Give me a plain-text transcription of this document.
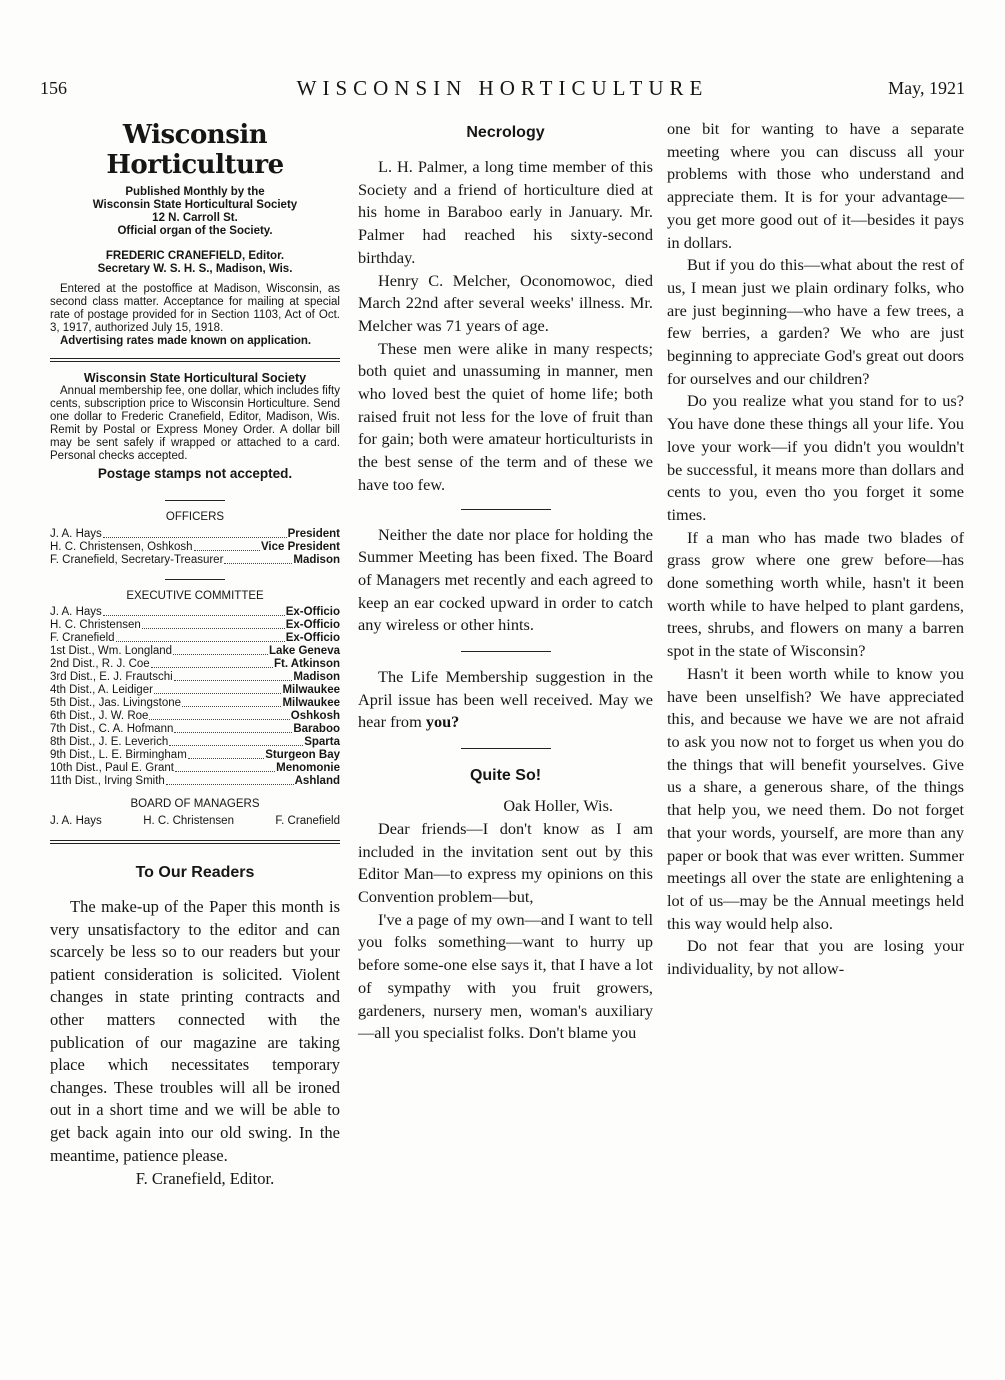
156	WISCONSIN HORTICULTURE	May, 1921
Wisconsin Horticulture
Published Monthly by the
Wisconsin State Horticultural Society
12 N. Carroll St.
Official organ of the Society.
FREDERIC CRANEFIELD, Editor.
Secretary W. S. H. S., Madison, Wis.
Entered at the postoffice at Madison, Wisconsin, as second class matter. Acceptance for mailing at special rate of postage provided for in Section 1103, Act of Oct. 3, 1917, authorized July 15, 1918.
Advertising rates made known on application.
Wisconsin State Horticultural Society
Annual membership fee, one dollar, which includes fifty cents, subscription price to Wisconsin Horticulture. Send one dollar to Frederic Cranefield, Editor, Madison, Wis. Remit by Postal or Express Money Order. A dollar bill may be sent safely if wrapped or attached to a card. Personal checks accepted.
Postage stamps not accepted.
OFFICERS
J. A. Hays	President
H. C. Christensen, Oshkosh	Vice President
F. Cranefield, Secretary-Treasurer	Madison
EXECUTIVE COMMITTEE
J. A. Hays	Ex-Officio
H. C. Christensen	Ex-Officio
F. Cranefield	Ex-Officio
1st Dist., Wm. Longland	Lake Geneva
2nd Dist., R. J. Coe	Ft. Atkinson
3rd Dist., E. J. Frautschi	Madison
4th Dist., A. Leidiger	Milwaukee
5th Dist., Jas. Livingstone	Milwaukee
6th Dist., J. W. Roe	Oshkosh
7th Dist., C. A. Hofmann	Baraboo
8th Dist., J. E. Leverich	Sparta
9th Dist., L. E. Birmingham	Sturgeon Bay
10th Dist., Paul E. Grant	Menomonie
11th Dist., Irving Smith	Ashland
BOARD OF MANAGERS
J. A. Hays	H. C. Christensen	F. Cranefield
To Our Readers

The make-up of the Paper this month is very unsatisfactory to the editor and can scarcely be less so to our readers but your patient consideration is solicited. Violent changes in state printing contracts and other matters connected with the publication of our magazine are taking place which necessitates temporary changes. These troubles will all be ironed out in a short time and we will be able to get back again into our old swing. In the meantime, patience please.

F. Cranefield, Editor.

Necrology

L. H. Palmer, a long time member of this Society and a friend of horticulture died at his home in Baraboo early in January. Mr. Palmer had reached his sixty-second birthday.

Henry C. Melcher, Oconomowoc, died March 22nd after several weeks' illness. Mr. Melcher was 71 years of age.

These men were alike in many respects; both quiet and unassuming in manner, men who loved best the quiet of home life; both raised fruit not less for the love of fruit than for gain; both were amateur horticulturists in the best sense of the term and of these we have too few.

Neither the date nor place for holding the Summer Meeting has been fixed. The Board of Managers met recently and each agreed to keep an ear cocked upward in order to catch any wireless or other hints.

The Life Membership suggestion in the April issue has been well received. May we hear from you?

Quite So!

Oak Holler, Wis.

Dear friends—I don't know as I am included in the invitation sent out by this Editor Man—to express my opinions on this Convention problem—but,

I've a page of my own—and I want to tell you folks something—want to hurry up before some-one else says it, that I have a lot of sympathy with you fruit growers, gardeners, nursery men, woman's auxiliary—all you specialist folks. Don't blame you

one bit for wanting to have a separate meeting where you can discuss all your problems with those who understand and appreciate them. It is for your advantage—you get more good out of it—besides it pays in dollars.

But if you do this—what about the rest of us, I mean just we plain ordinary folks, who are just beginning—who have a few trees, a few berries, a garden? We who are just beginning to appreciate God's great out doors for ourselves and our children?

Do you realize what you stand for to us? You have done these things all your life. You love your work—if you didn't you wouldn't be successful, it means more than dollars and cents to you, even tho you forget it some times.

If a man who has made two blades of grass grow where one grew before—has done something worth while, hasn't it been worth while to have helped to plant gardens, trees, shrubs, and flowers on many a barren spot in the state of Wisconsin?

Hasn't it been worth while to know you have been unselfish? We have appreciated this, and because we have we are not afraid to ask you now not to forget us when you do the things that will benefit yourselves. Give us a share, a generous share, of the things that help you, we need them. Do not forget that your words, yourself, are more than any paper or book that was ever written. Summer meetings all over the state are enlightening a lot of us—may be the Annual meetings held this way would help also.

Do not fear that you are losing your individuality, by not allow-
